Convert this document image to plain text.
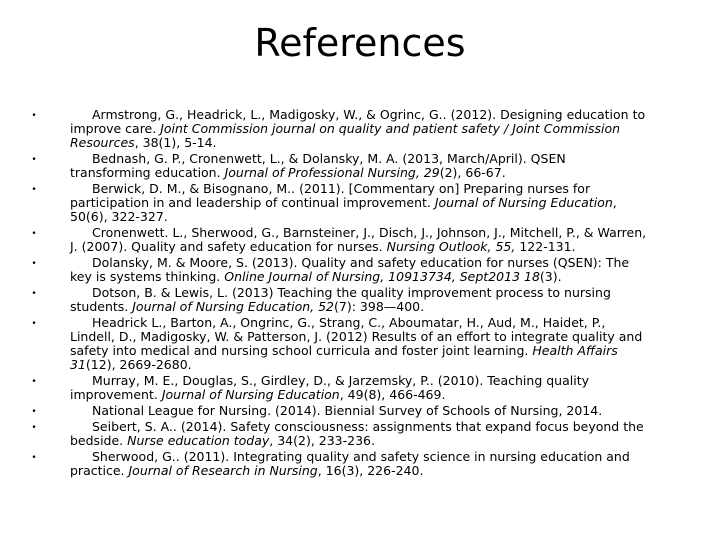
References
•	Armstrong, G., Headrick, L., Madigosky, W., & Ogrinc, G.. (2012). Designing education to improve care. Joint Commission journal on quality and patient safety / Joint Commission Resources, 38(1), 5-14.
•	Bednash, G. P., Cronenwett, L., & Dolansky, M. A. (2013, March/April). QSEN transforming education. Journal of Professional Nursing, 29(2), 66-67.
•	Berwick, D. M., & Bisognano, M.. (2011). [Commentary on] Preparing nurses for participation in and leadership of continual improvement. Journal of Nursing Education, 50(6), 322-327.
•	Cronenwett. L., Sherwood, G., Barnsteiner, J., Disch, J., Johnson, J., Mitchell, P., & Warren, J. (2007). Quality and safety education for nurses. Nursing Outlook, 55, 122-131.
•	Dolansky, M. & Moore, S. (2013). Quality and safety education for nurses (QSEN): The key is systems thinking. Online Journal of Nursing, 10913734, Sept2013 18(3).
•	Dotson, B. & Lewis, L. (2013) Teaching the quality improvement process to nursing students. Journal of Nursing Education, 52(7): 398—400.
•	Headrick L., Barton, A., Ongrinc, G., Strang, C., Aboumatar, H., Aud, M., Haidet, P., Lindell, D., Madigosky, W. & Patterson, J. (2012) Results of an effort to integrate quality and safety into medical and nursing school curricula and foster joint learning. Health Affairs 31(12), 2669-2680.
•	Murray, M. E., Douglas, S., Girdley, D., & Jarzemsky, P.. (2010). Teaching quality improvement. Journal of Nursing Education, 49(8), 466-469.
•	National League for Nursing. (2014). Biennial Survey of Schools of Nursing, 2014.
•	Seibert, S. A.. (2014). Safety consciousness: assignments that expand focus beyond the bedside. Nurse education today, 34(2), 233-236.
•	Sherwood, G.. (2011). Integrating quality and safety science in nursing education and practice. Journal of Research in Nursing, 16(3), 226-240.
